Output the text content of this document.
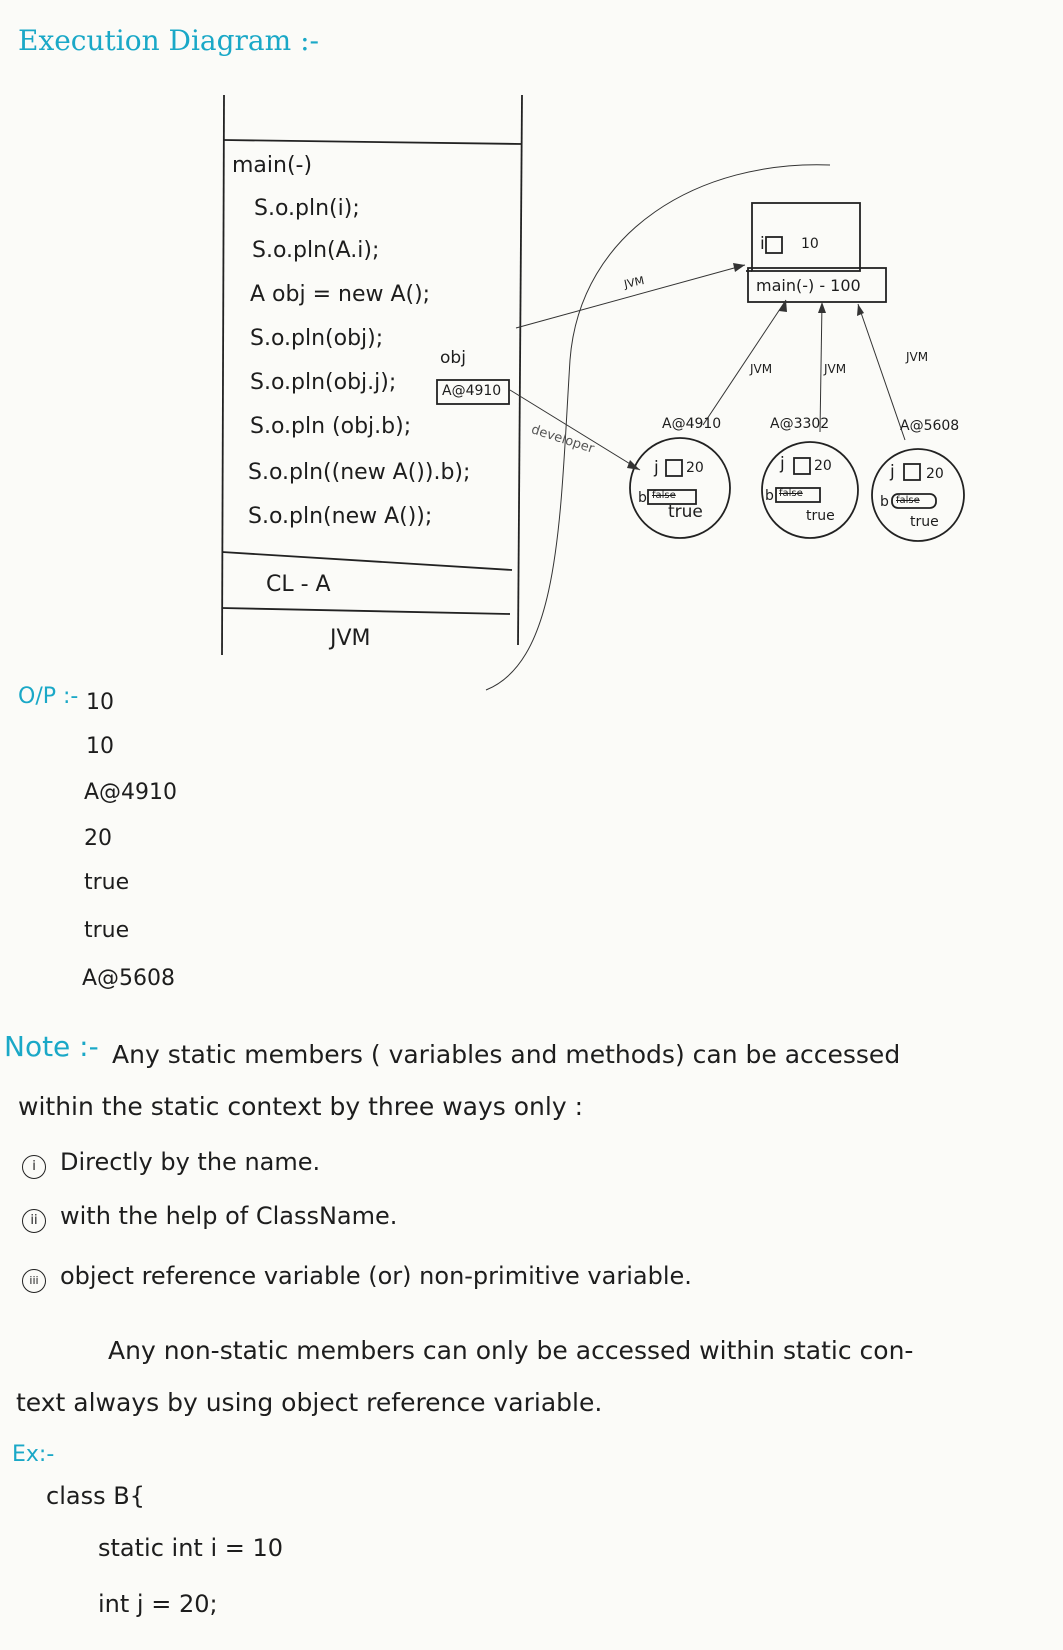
Execution Diagram :-
main(-)
S.o.pln(i);
S.o.pln(A.i);
A obj = new A();
S.o.pln(obj);
S.o.pln(obj.j);
S.o.pln (obj.b);
S.o.pln((new A()).b);
S.o.pln(new A());
obj
A@4910
CL - A
JVM
i	10
main(-) - 100
JVM
JVM	JVM
JVM
developer	A@4910
j 20
b false
true
A@3302
j 20
b false
true
A@5608
j 20
b false
true
O/P :- 10
10
A@4910
20
true
true
A@5608
Note :- Any static members ( variables and methods) can be accessed
within the static context by three ways only :
i Directly by the name.
ii with the help of ClassName.
iii object reference variable (or) non-primitive variable.
Any non-static members can only be accessed within static con-
text always by using object reference variable.
Ex:-
class B{
static int i = 10
int j = 20;
